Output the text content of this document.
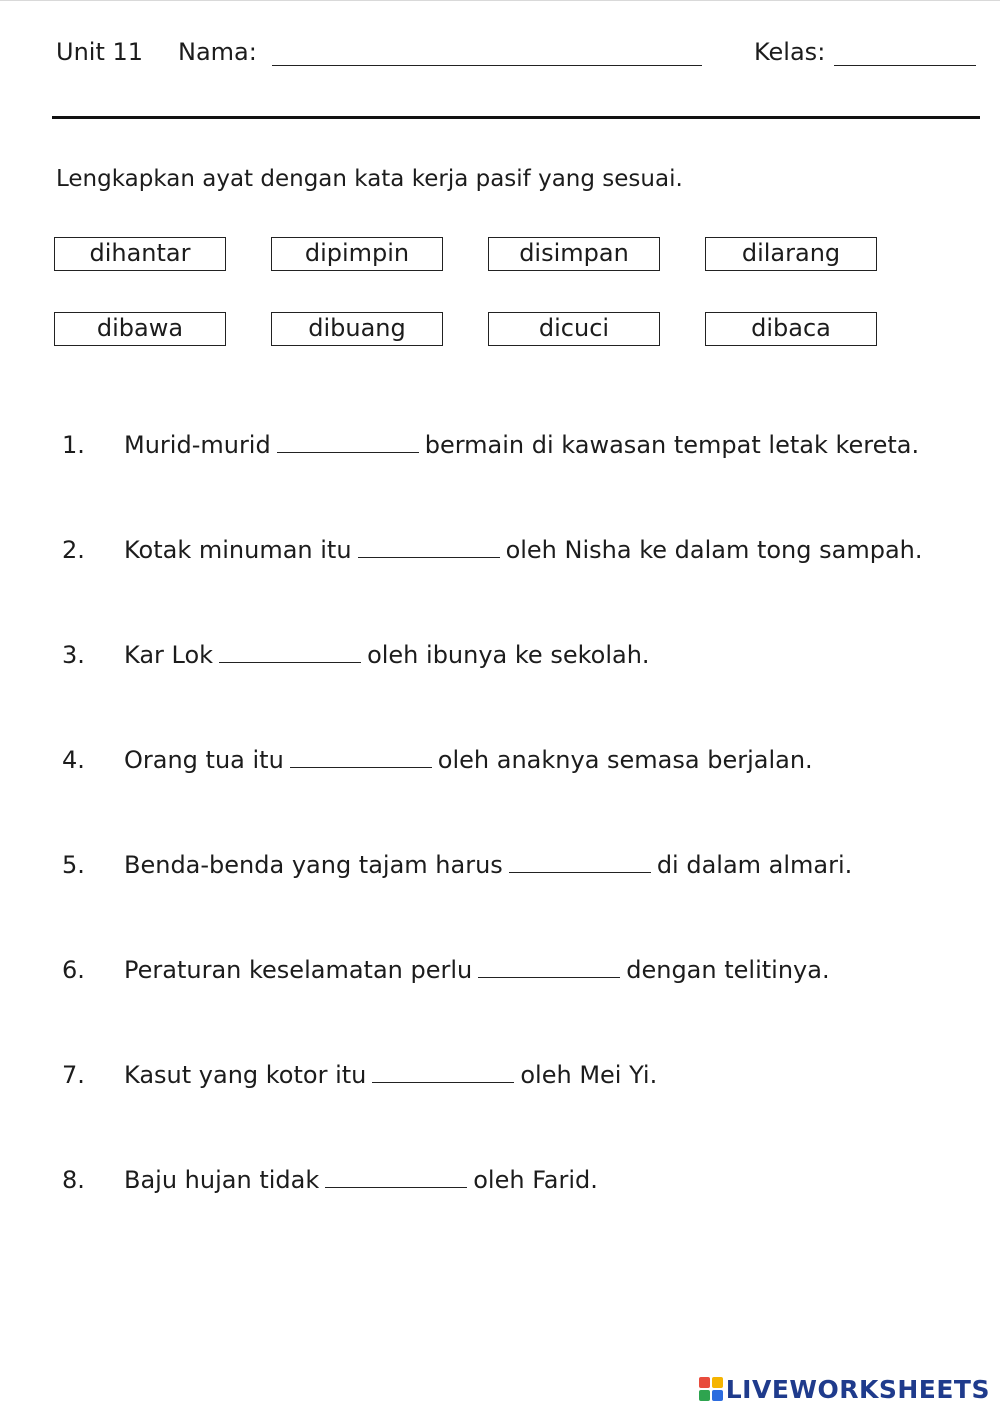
Unit 11 Nama:	Kelas:
Lengkapkan ayat dengan kata kerja pasif yang sesuai.
dihantar	dipimpin	disimpan	dilarang
dibawa	dibuang	dicuci	dibaca
1.	Murid-murid	bermain di kawasan tempat letak kereta.
2.	Kotak minuman itu	oleh Nisha ke dalam tong sampah.
3.	Kar Lok	oleh ibunya ke sekolah.
4.	Orang tua itu	oleh anaknya semasa berjalan.
5.	Benda-benda yang tajam harus	di dalam almari.
6.	Peraturan keselamatan perlu	dengan telitinya.
7.	Kasut yang kotor itu	oleh Mei Yi.
8.	Baju hujan tidak	oleh Farid.
LIVEWORKSHEETS
